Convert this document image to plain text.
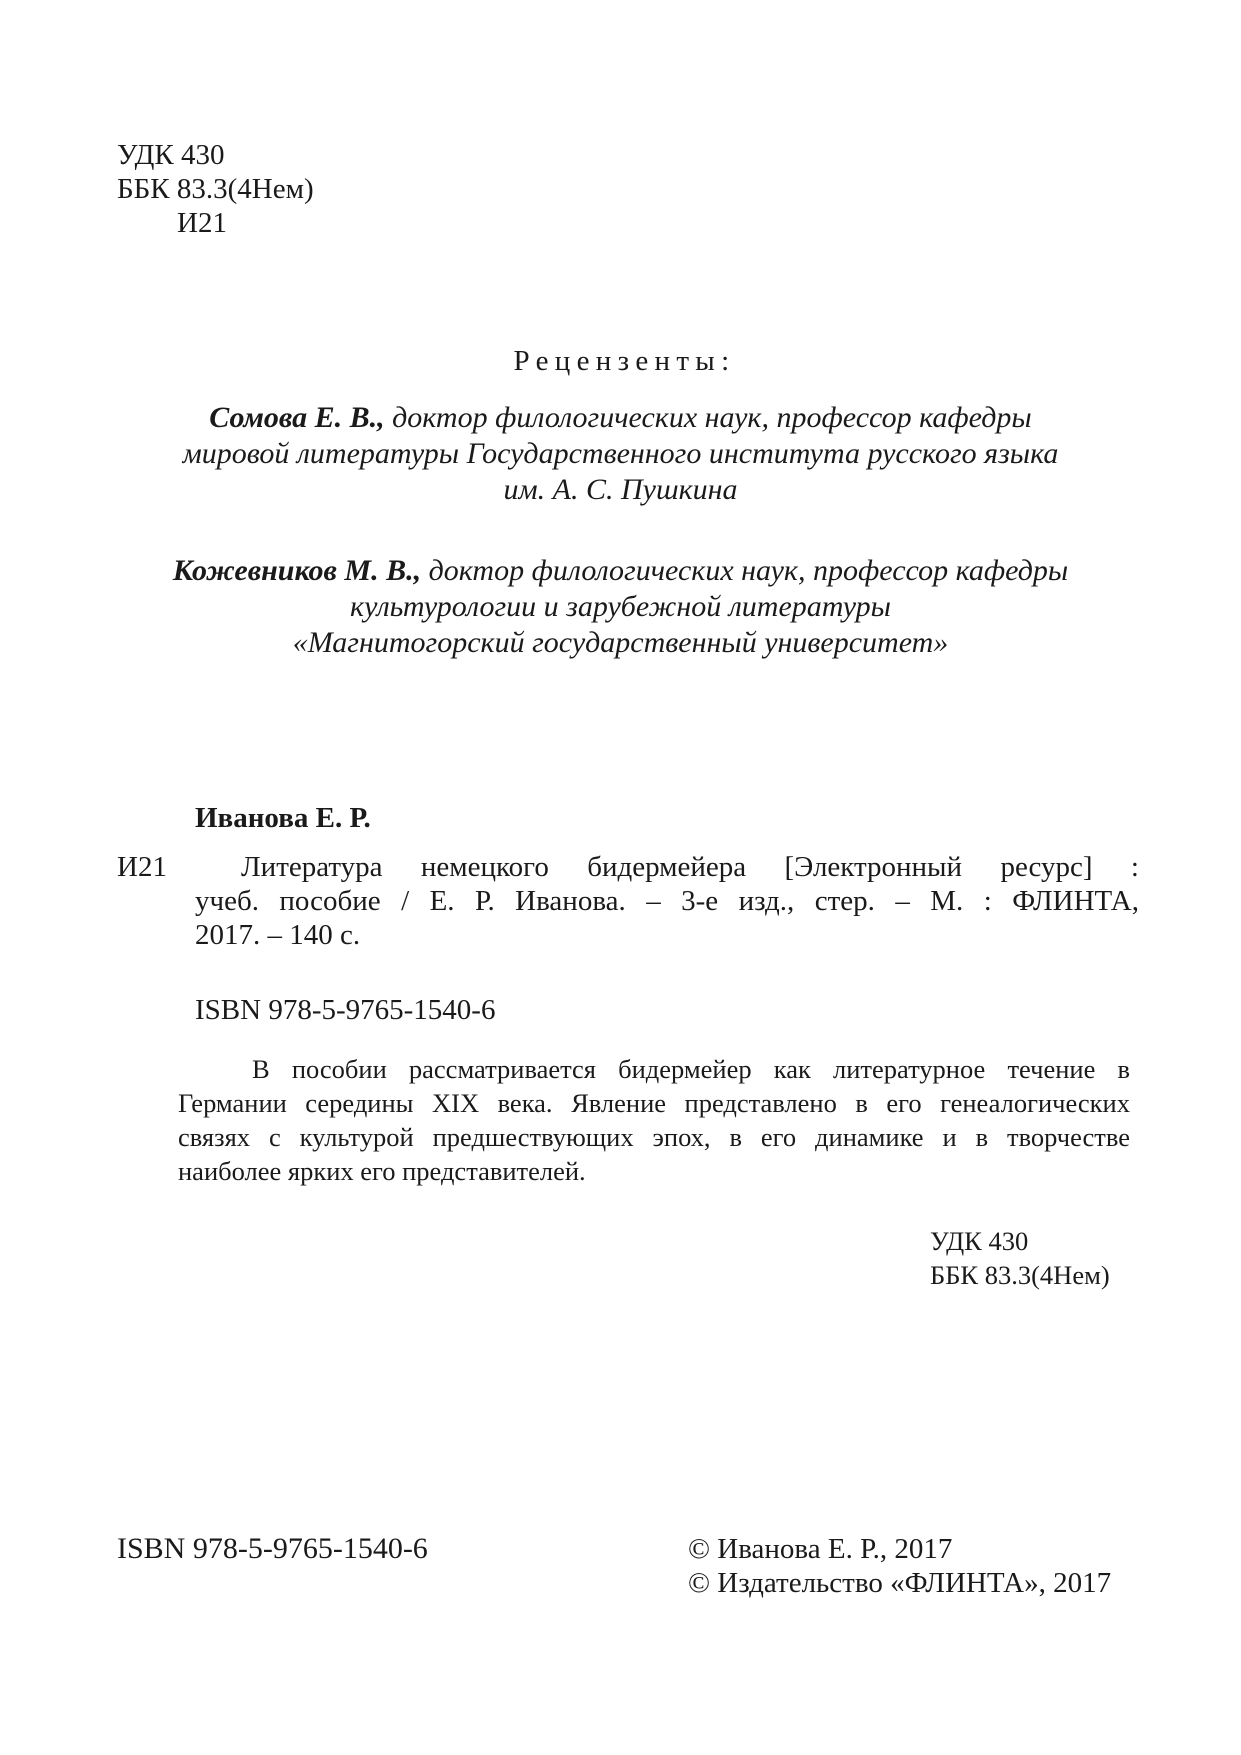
УДК 430
ББК 83.3(4Нем)
И21
Рецензенты:
Сомова Е. В., доктор филологических наук, профессор кафедры
мировой литературы Государственного института русского языка
им. А. С. Пушкина
Кожевников М. В., доктор филологических наук, профессор кафедры
культурологии и зарубежной литературы
«Магнитогорский государственный университет»
Иванова Е. Р.
И21	Литература немецкого бидермейера [Электронный ресурс] :
учеб. пособие / Е. Р. Иванова. – 3-е изд., стер. – М. : ФЛИНТА,
2017. – 140 с.
ISBN 978-5-9765-1540-6
В пособии рассматривается бидермейер как литературное течение в
Германии середины XIX века. Явление представлено в его генеалогических
связях с культурой предшествующих эпох, в его динамике и в творчестве
наиболее ярких его представителей.
УДК 430
ББК 83.3(4Нем)
ISBN 978-5-9765-1540-6	© Иванова Е. Р., 2017
© Издательство «ФЛИНТА», 2017
